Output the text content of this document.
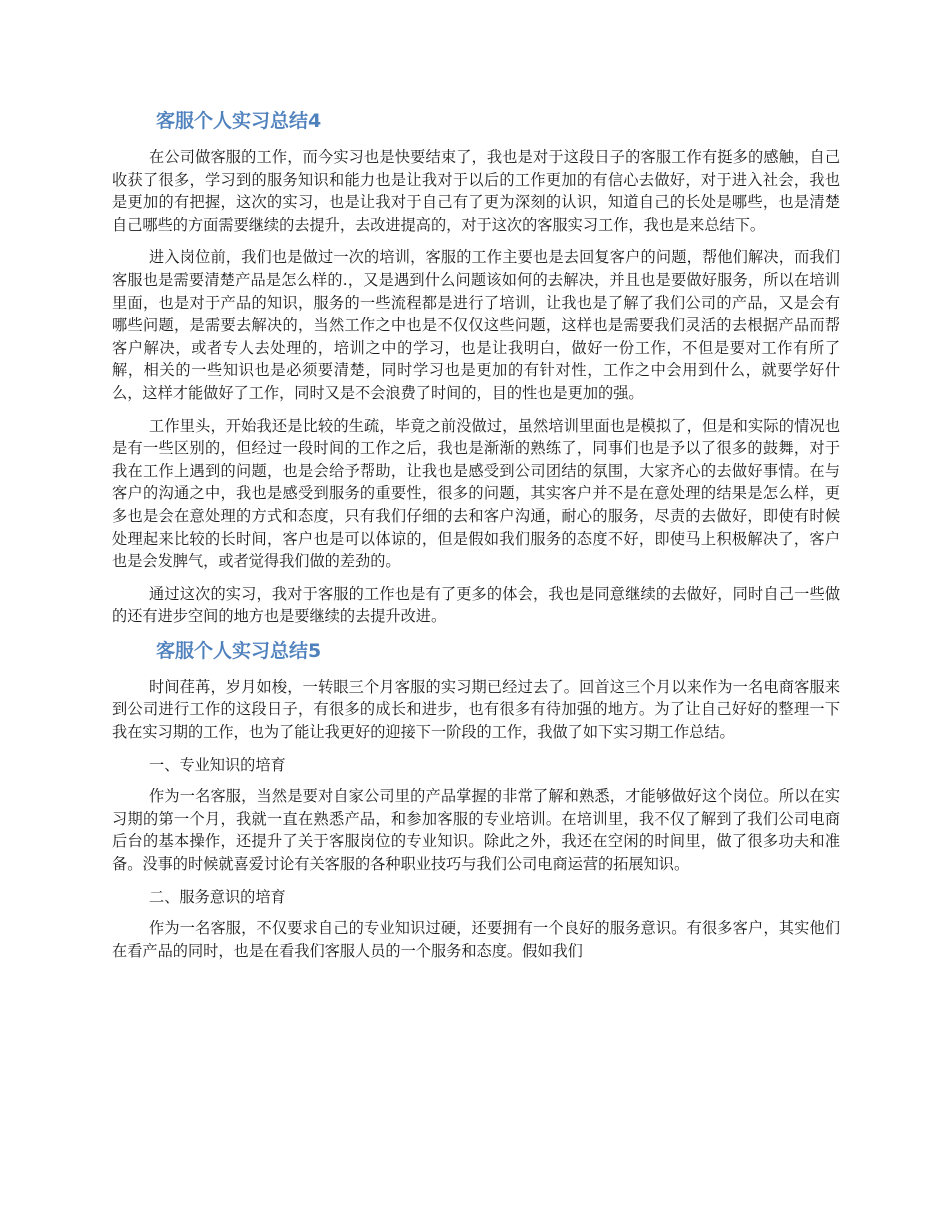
客服个人实习总结4

在公司做客服的工作，而今实习也是快要结束了，我也是对于这段日子的客服工作有挺多的感触，自己收获了很多，学习到的服务知识和能力也是让我对于以后的工作更加的有信心去做好，对于进入社会，我也是更加的有把握，这次的实习，也是让我对于自己有了更为深刻的认识，知道自己的长处是哪些，也是清楚自己哪些的方面需要继续的去提升，去改进提高的，对于这次的客服实习工作，我也是来总结下。

进入岗位前，我们也是做过一次的培训，客服的工作主要也是去回复客户的问题，帮他们解决，而我们客服也是需要清楚产品是怎么样的.，又是遇到什么问题该如何的去解决，并且也是要做好服务，所以在培训里面，也是对于产品的知识，服务的一些流程都是进行了培训，让我也是了解了我们公司的产品，又是会有哪些问题，是需要去解决的，当然工作之中也是不仅仅这些问题，这样也是需要我们灵活的去根据产品而帮客户解决，或者专人去处理的，培训之中的学习，也是让我明白，做好一份工作，不但是要对工作有所了解，相关的一些知识也是必须要清楚，同时学习也是更加的有针对性，工作之中会用到什么，就要学好什么，这样才能做好了工作，同时又是不会浪费了时间的，目的性也是更加的强。

工作里头，开始我还是比较的生疏，毕竟之前没做过，虽然培训里面也是模拟了，但是和实际的情况也是有一些区别的，但经过一段时间的工作之后，我也是渐渐的熟练了，同事们也是予以了很多的鼓舞，对于我在工作上遇到的问题，也是会给予帮助，让我也是感受到公司团结的氛围，大家齐心的去做好事情。在与客户的沟通之中，我也是感受到服务的重要性，很多的问题，其实客户并不是在意处理的结果是怎么样，更多也是会在意处理的方式和态度，只有我们仔细的去和客户沟通，耐心的服务，尽责的去做好，即使有时候处理起来比较的长时间，客户也是可以体谅的，但是假如我们服务的态度不好，即使马上积极解决了，客户也是会发脾气，或者觉得我们做的差劲的。

通过这次的实习，我对于客服的工作也是有了更多的体会，我也是同意继续的去做好，同时自己一些做的还有进步空间的地方也是要继续的去提升改进。

客服个人实习总结5

时间荏苒，岁月如梭，一转眼三个月客服的实习期已经过去了。回首这三个月以来作为一名电商客服来到公司进行工作的这段日子，有很多的成长和进步，也有很多有待加强的地方。为了让自己好好的整理一下我在实习期的工作，也为了能让我更好的迎接下一阶段的工作，我做了如下实习期工作总结。

一、专业知识的培育

作为一名客服，当然是要对自家公司里的产品掌握的非常了解和熟悉，才能够做好这个岗位。所以在实习期的第一个月，我就一直在熟悉产品，和参加客服的专业培训。在培训里，我不仅了解到了我们公司电商后台的基本操作，还提升了关于客服岗位的专业知识。除此之外，我还在空闲的时间里，做了很多功夫和准备。没事的时候就喜爱讨论有关客服的各种职业技巧与我们公司电商运营的拓展知识。

二、服务意识的培育

作为一名客服，不仅要求自己的专业知识过硬，还要拥有一个良好的服务意识。有很多客户，其实他们在看产品的同时，也是在看我们客服人员的一个服务和态度。假如我们
